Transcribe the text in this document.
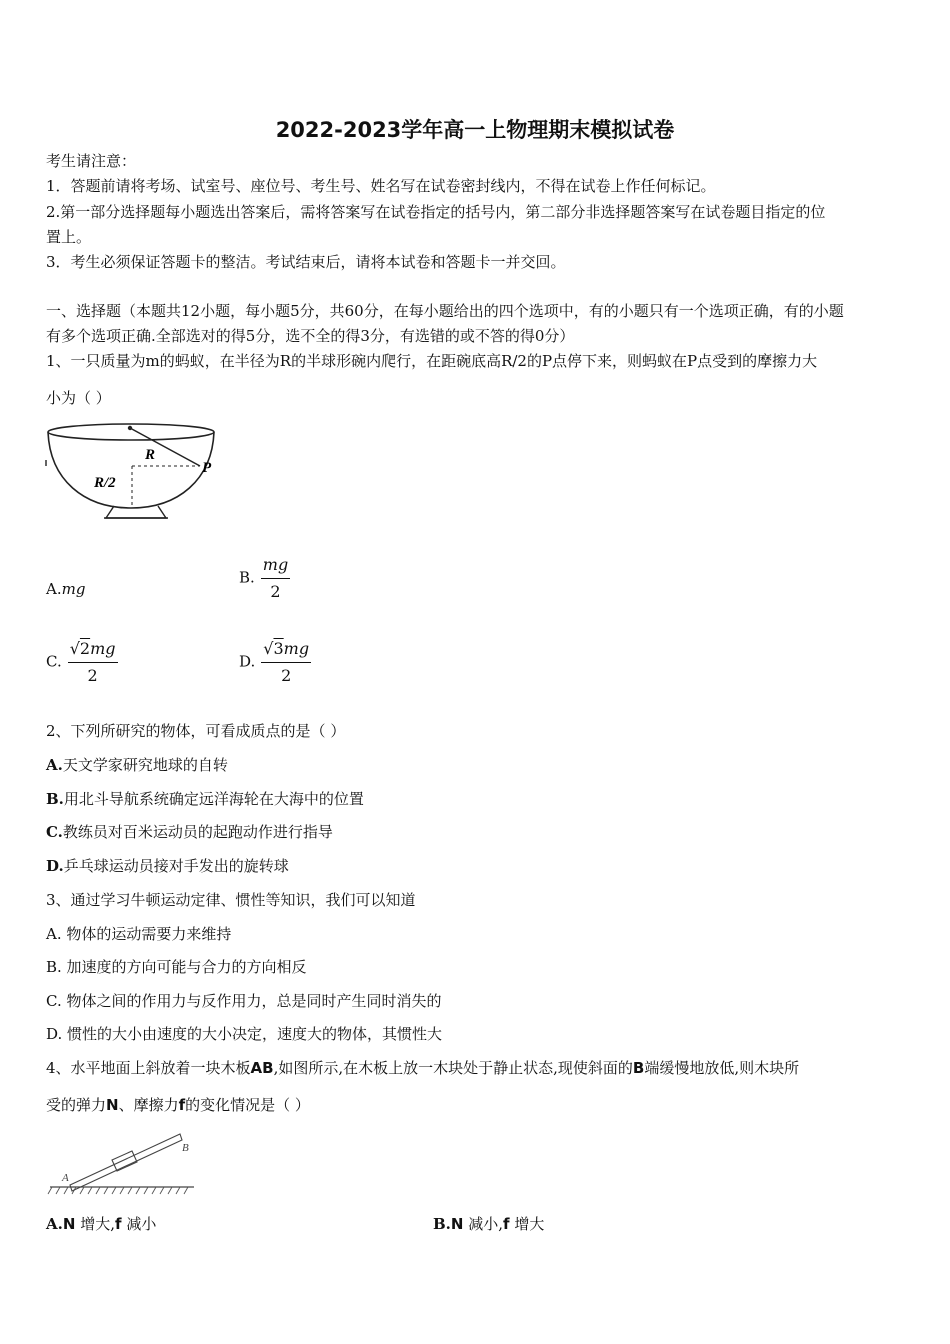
2022-2023学年高一上物理期末模拟试卷
考生请注意：
1．答题前请将考场、试室号、座位号、考生号、姓名写在试卷密封线内，不得在试卷上作任何标记。
2.第一部分选择题每小题选出答案后，需将答案写在试卷指定的括号内，第二部分非选择题答案写在试卷题目指定的位
置上。
3．考生必须保证答题卡的整洁。考试结束后，请将本试卷和答题卡一并交回。
一、选择题（本题共12小题，每小题5分，共60分，在每小题给出的四个选项中，有的小题只有一个选项正确，有的小题
有多个选项正确.全部选对的得5分，选不全的得3分，有选错的或不答的得0分）
1、一只质量为m的蚂蚁，在半径为R的半球形碗内爬行，在距碗底高R/2的P点停下来，则蚂蚁在P点受到的摩擦力大
小为（ ）
R
R/2
P
A.mg
B. $\frac{mg}{2}$
C. $\frac{√2mg}{2}$	D. $\frac{√3mg}{2}$
2、下列所研究的物体，可看成质点的是（ ）
A.天文学家研究地球的自转
B.用北斗导航系统确定远洋海轮在大海中的位置
C.教练员对百米运动员的起跑动作进行指导
D.乒乓球运动员接对手发出的旋转球
3、通过学习牛顿运动定律、惯性等知识，我们可以知道
A. 物体的运动需要力来维持
B. 加速度的方向可能与合力的方向相反
C. 物体之间的作用力与反作用力，总是同时产生同时消失的
D. 惯性的大小由速度的大小决定，速度大的物体，其惯性大
4、水平地面上斜放着一块木板AB,如图所示,在木板上放一木块处于静止状态,现使斜面的B端缓慢地放低,则木块所
受的弹力N、摩擦力f的变化情况是（ ）
A
B
A.N 增大,f 减小	B.N 减小,f 增大
